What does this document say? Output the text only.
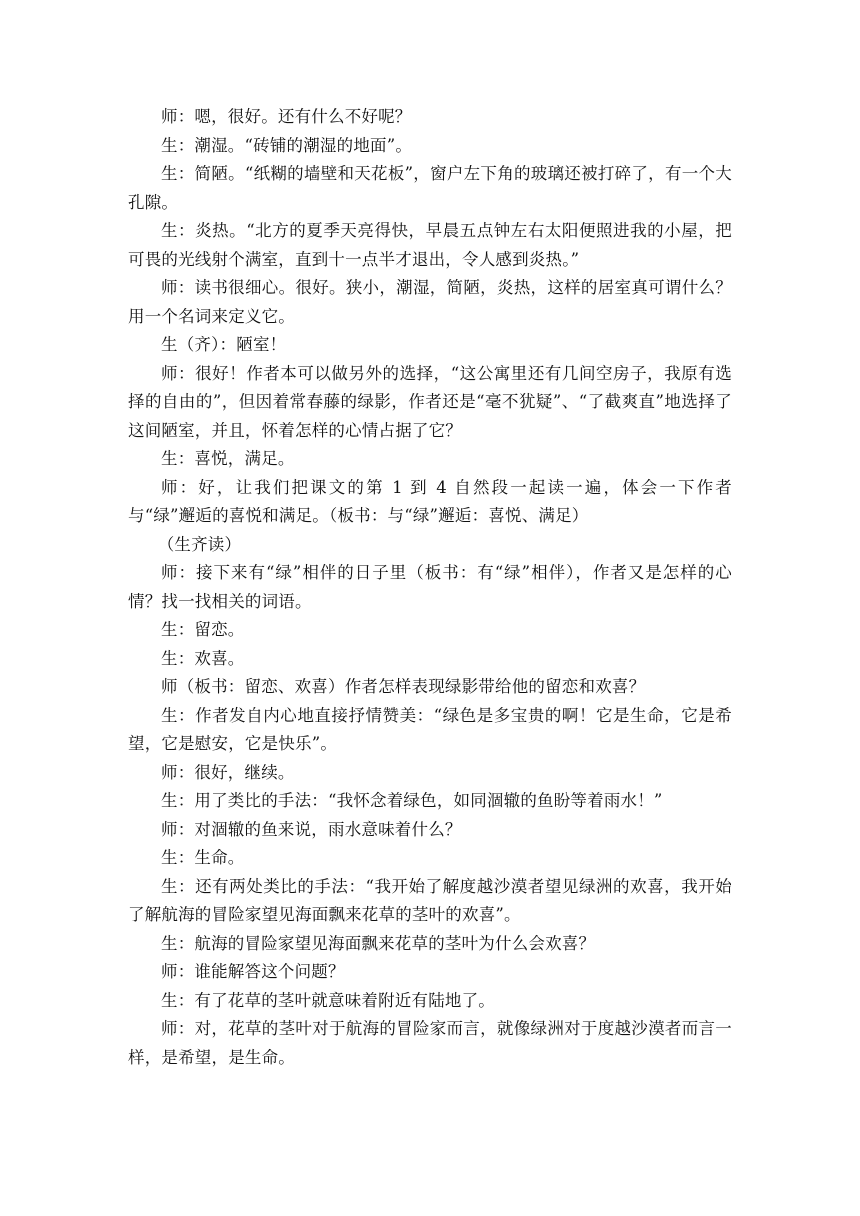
师：嗯，很好。还有什么不好呢？

生：潮湿。“砖铺的潮湿的地面”。

生：简陋。“纸糊的墙壁和天花板”，窗户左下角的玻璃还被打碎了，有一个大孔隙。

生：炎热。“北方的夏季天亮得快，早晨五点钟左右太阳便照进我的小屋，把可畏的光线射个满室，直到十一点半才退出，令人感到炎热。”

师：读书很细心。很好。狭小，潮湿，简陋，炎热，这样的居室真可谓什么？用一个名词来定义它。

生（齐）：陋室！

师：很好！作者本可以做另外的选择，“这公寓里还有几间空房子，我原有选择的自由的”，但因着常春藤的绿影，作者还是“毫不犹疑”、“了截爽直”地选择了这间陋室，并且，怀着怎样的心情占据了它？

生：喜悦，满足。

师：好，让我们把课文的第 1 到 4 自然段一起读一遍，体会一下作者与“绿”邂逅的喜悦和满足。（板书：与“绿”邂逅：喜悦、满足）

（生齐读）

师：接下来有“绿”相伴的日子里（板书：有“绿”相伴），作者又是怎样的心情？找一找相关的词语。

生：留恋。

生：欢喜。

师（板书：留恋、欢喜）作者怎样表现绿影带给他的留恋和欢喜？

生：作者发自内心地直接抒情赞美：“绿色是多宝贵的啊！它是生命，它是希望，它是慰安，它是快乐”。

师：很好，继续。

生：用了类比的手法：“我怀念着绿色，如同涸辙的鱼盼等着雨水！”

师：对涸辙的鱼来说，雨水意味着什么？

生：生命。

生：还有两处类比的手法：“我开始了解度越沙漠者望见绿洲的欢喜，我开始了解航海的冒险家望见海面飘来花草的茎叶的欢喜”。

生：航海的冒险家望见海面飘来花草的茎叶为什么会欢喜？

师：谁能解答这个问题？

生：有了花草的茎叶就意味着附近有陆地了。

师：对，花草的茎叶对于航海的冒险家而言，就像绿洲对于度越沙漠者而言一样，是希望，是生命。
